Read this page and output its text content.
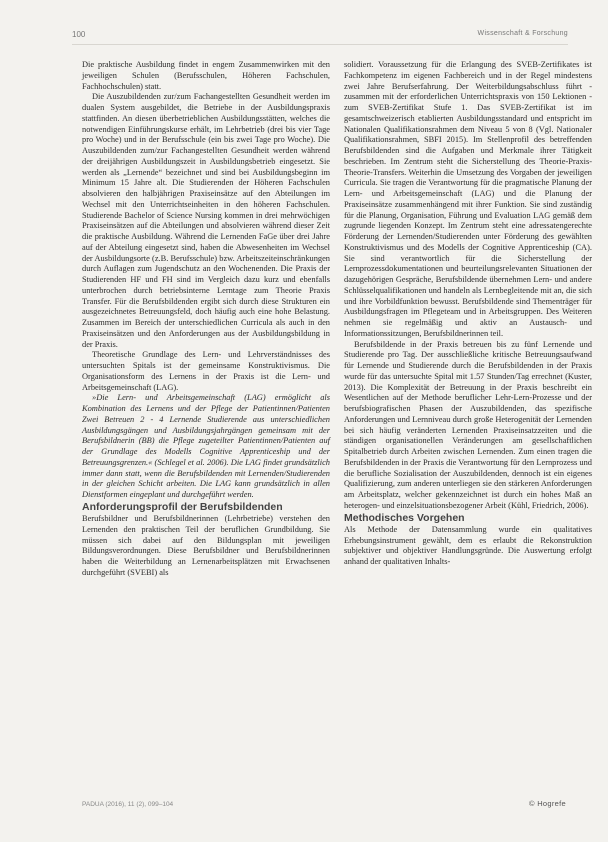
100	Wissenschaft & Forschung

Die praktische Ausbildung findet in engem Zusammenwirken mit den jeweiligen Schulen (Berufsschulen, Höheren Fachschulen, Fachhochschulen) statt.

Die Auszubildenden zur/zum Fachangestellten Gesundheit werden im dualen System ausgebildet, die Betriebe in der Ausbildungspraxis stattfinden. An diesen überbetrieblichen Ausbildungsstätten, welches die notwendigen Einführungskurse erhält, im Lehrbetrieb (drei bis vier Tage pro Woche) und in der Berufsschule (ein bis zwei Tage pro Woche). Die Auszubildenden zum/zur Fachangestellten Gesundheit werden während der dreijährigen Ausbildungszeit in Ausbildungsbetrieb eingesetzt. Sie werden als „Lernende“ bezeichnet und sind bei Ausbildungsbeginn im Minimum 15 Jahre alt. Die Studierenden der Höheren Fachschulen absolvieren den halbjährigen Praxiseinsätze auf den Abteilungen im Wechsel mit den Unterrichtseinheiten in den höheren Fachschulen. Studierende Bachelor of Science Nursing kommen in drei mehrwöchigen Praxiseinsätzen auf die Abteilungen und absolvieren während dieser Zeit die praktische Ausbildung. Während die Lernenden FaGe über drei Jahre auf der Abteilung eingesetzt sind, haben die Abwesenheiten im Wechsel der Ausbildungsorte (z.B. Berufsschule) bzw. Arbeitszeiteinschränkungen durch Auflagen zum Jugendschutz an den Wochenenden. Die Praxis der Studierenden HF und FH sind im Vergleich dazu kurz und ebenfalls unterbrochen durch betriebsinterne Lerntage zum Theorie Praxis Transfer. Für die Berufsbildenden ergibt sich durch diese Strukturen ein ausgezeichnetes Betreuungsfeld, doch häufig auch eine hohe Belastung. Zusammen im Bereich der unterschiedlichen Curricula als auch in den Praxiseinsätzen und den Anforderungen aus der Ausbildungsbildung in der Praxis.

Theoretische Grundlage des Lern- und Lehrverständnisses des untersuchten Spitals ist der gemeinsame Konstruktivismus. Die Organisationsform des Lernens in der Praxis ist die Lern- und Arbeitsgemeinschaft (LAG).

»Die Lern- und Arbeitsgemeinschaft (LAG) ermöglicht als Kombination des Lernens und der Pflege der Patientinnen/Patienten Zwei Betreuen 2 - 4 Lernende Studierende aus unterschiedlichen Ausbildungsgängen und Ausbildungsjahrgängen gemeinsam mit der Berufsbildnerin (BB) die Pflege zugeteilter Patientinnen/Patienten auf der Grundlage des Modells Cognitive Apprenticeship und der Betreuungsgrenzen.« (Schlegel et al. 2006). Die LAG findet grundsätzlich immer dann statt, wenn die Berufsbildenden mit Lernenden/Studierenden in der gleichen Schicht arbeiten. Die LAG kann grundsätzlich in allen Dienstformen eingeplant und durchgeführt werden.

Anforderungsprofil der Berufsbildenden

Berufsbildner und Berufsbildnerinnen (Lehrbetriebe) verstehen den Lernenden den praktischen Teil der beruflichen Grundbildung. Sie müssen sich dabei auf den Bildungsplan mit jeweiligen Bildungsverordnungen. Diese Berufsbildner und Berufsbildnerinnen haben die Weiterbildung an Lernenarbeitsplätzen mit Erwachsenen durchgeführt (SVEBI) als

solidiert. Voraussetzung für die Erlangung des SVEB-Zertifikates ist Fachkompetenz im eigenen Fachbereich und in der Regel mindestens zwei Jahre Berufserfahrung. Der Weiterbildungsabschluss führt - zusammen mit der erforderlichen Unterrichtspraxis von 150 Lektionen - zum SVEB-Zertifikat Stufe 1. Das SVEB-Zertifikat ist im gesamtschweizerisch etablierten Ausbildungsstandard und entspricht im Nationalen Qualifikationsrahmen dem Niveau 5 von 8 (Vgl. Nationaler Qualifikationsrahmen, SBFI 2015). Im Stellenprofil des betreffenden Berufsbildenden sind die Aufgaben und Merkmale ihrer Tätigkeit beschrieben. Im Zentrum steht die Sicherstellung des Theorie-Praxis-Theorie-Transfers. Weiterhin die Umsetzung des Vorgaben der jeweiligen Curricula. Sie tragen die Verantwortung für die pragmatische Planung der Lern- und Arbeitsgemeinschaft (LAG) und die Planung der Praxiseinsätze zusammenhängend mit ihrer Funktion. Sie sind zuständig für die Planung, Organisation, Führung und Evaluation LAG gemäß dem zugrunde liegenden Konzept. Im Zentrum steht eine adressatengerechte Förderung der Lernenden/Studierenden unter Förderung des gewählten Konstruktivismus und des Modells der Cognitive Apprenticeship (CA). Sie sind verantwortlich für die Sicherstellung der Lernprozessdokumentationen und beurteilungsrelevanten Situationen der dazugehörigen Gespräche, Berufsbildende übernehmen Lern- und andere Schlüsselqualifikationen und handeln als Lernbegleitende mit an, die sich und ihre Vorbildfunktion bewusst. Berufsbildende sind Thementräger für Ausbildungsfragen im Pflegeteam und in Arbeitsgruppen. Des Weiteren nehmen sie regelmäßig und aktiv an Austausch- und Informationssitzungen, Berufsbildnerinnen teil.

Berufsbildende in der Praxis betreuen bis zu fünf Lernende und Studierende pro Tag. Der ausschließliche kritische Betreuungsaufwand für Lernende und Studierende durch die Berufsbildenden in der Praxis wurde für das untersuchte Spital mit 1.57 Stunden/Tag errechnet (Kuster, 2013). Die Komplexität der Betreuung in der Praxis beschreibt ein Wesentlichen auf der Methode beruflicher Lehr-Lern-Prozesse und der berufsbiografischen Phasen der Auszubildenden, das spezifische Anforderungen und Lernniveau durch große Heterogenität der Lernenden bei sich häufig veränderten Lernenden Praxiseinsatzzeiten und die ständigen organisationellen Veränderungen am gesellschaftlichen Spitalbetrieb durch Arbeiten zwischen Lernenden. Zum einen tragen die Berufsbildenden in der Praxis die Verantwortung für den Lernprozess und die berufliche Sozialisation der Auszubildenden, dennoch ist ein eigenes Qualifizierung, zum anderen unterliegen sie den stärkeren Anforderungen am Arbeitsplatz, welcher gekennzeichnet ist durch ein hohes Maß an heterogen- und einzelsituationsbezogener Arbeit (Kühl, Friedrich, 2006).

Methodisches Vorgehen

Als Methode der Datensammlung wurde ein qualitatives Erhebungsinstrument gewählt, dem es erlaubt die Rekonstruktion subjektiver und objektiver Handlungsgründe. Die Auswertung erfolgt anhand der qualitativen Inhalts-

PADUA (2016), 11 (2), 099–104	© Hogrefe
